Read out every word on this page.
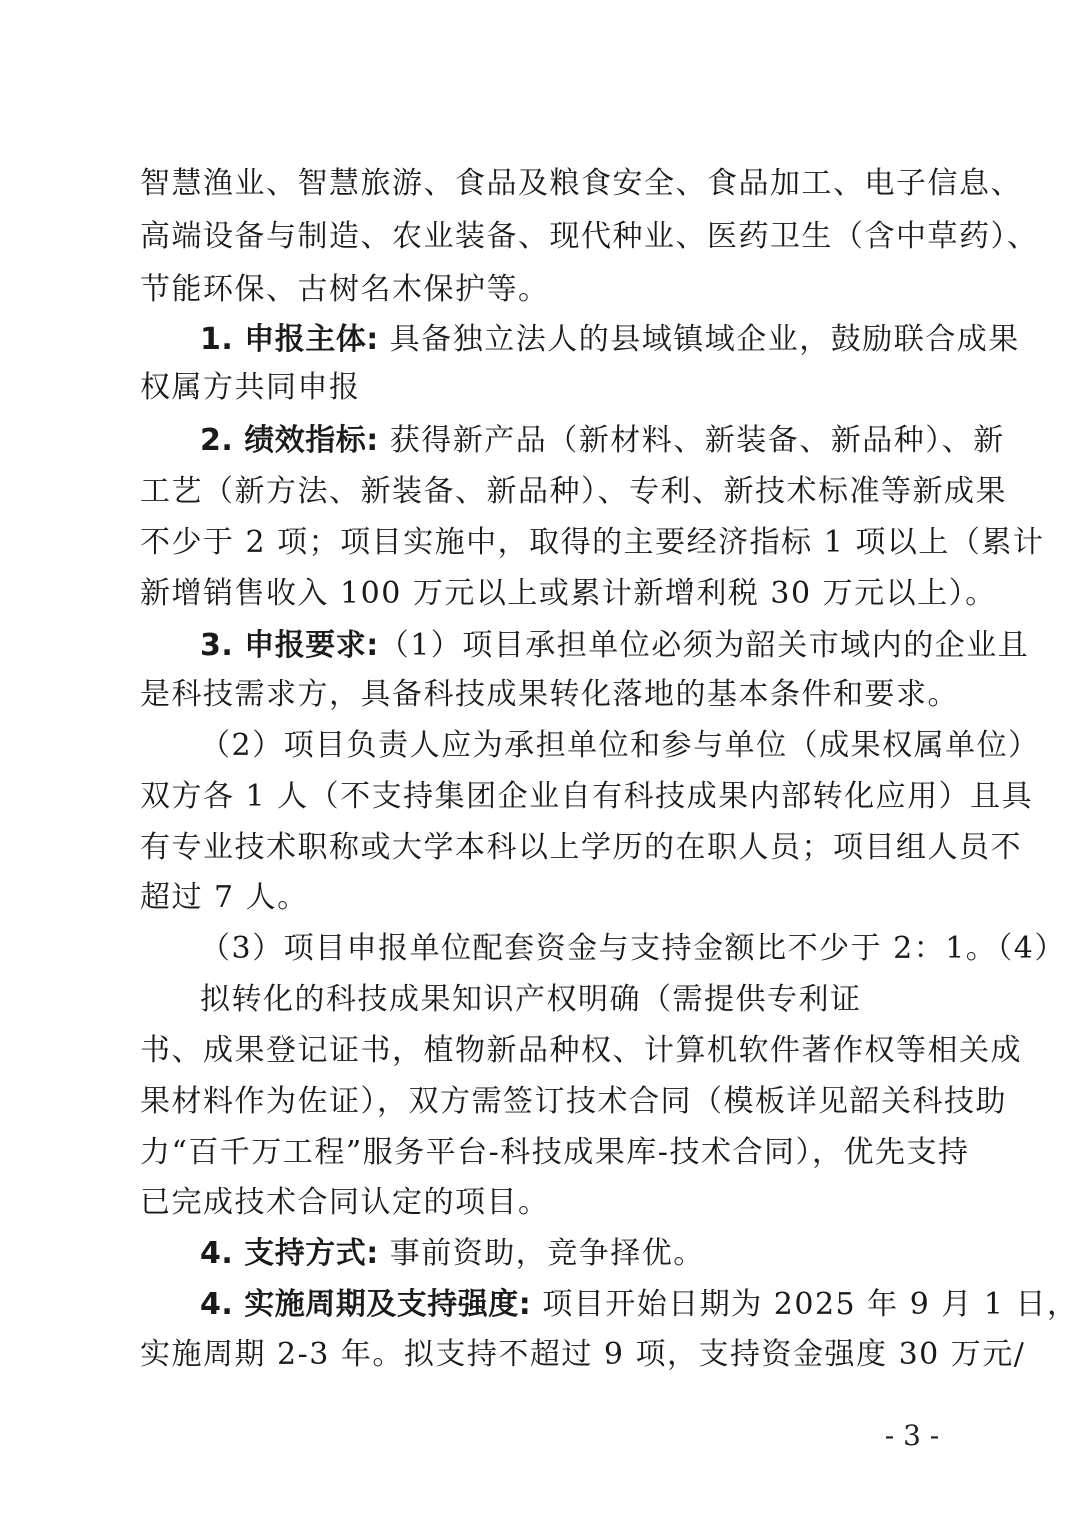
智慧渔业、智慧旅游、食品及粮食安全、食品加工、电子信息、
高端设备与制造、农业装备、现代种业、医药卫生（含中草药）、
节能环保、古树名木保护等。
1. 申报主体: 具备独立法人的县域镇域企业，鼓励联合成果
权属方共同申报
2. 绩效指标: 获得新产品（新材料、新装备、新品种）、新
工艺（新方法、新装备、新品种）、专利、新技术标准等新成果
不少于 2 项；项目实施中，取得的主要经济指标 1 项以上（累计
新增销售收入 100 万元以上或累计新增利税 30 万元以上）。
3. 申报要求:（1）项目承担单位必须为韶关市域内的企业且
是科技需求方，具备科技成果转化落地的基本条件和要求。
（2）项目负责人应为承担单位和参与单位（成果权属单位）
双方各 1 人（不支持集团企业自有科技成果内部转化应用）且具
有专业技术职称或大学本科以上学历的在职人员；项目组人员不
超过 7 人。
（3）项目申报单位配套资金与支持金额比不少于 2：1。（4）
拟转化的科技成果知识产权明确（需提供专利证
书、成果登记证书，植物新品种权、计算机软件著作权等相关成
果材料作为佐证），双方需签订技术合同（模板详见韶关科技助
力“百千万工程”服务平台-科技成果库-技术合同），优先支持
已完成技术合同认定的项目。
4. 支持方式: 事前资助，竞争择优。
4. 实施周期及支持强度: 项目开始日期为 2025 年 9 月 1 日，
实施周期 2-3 年。拟支持不超过 9 项，支持资金强度 30 万元/
- 3 -
